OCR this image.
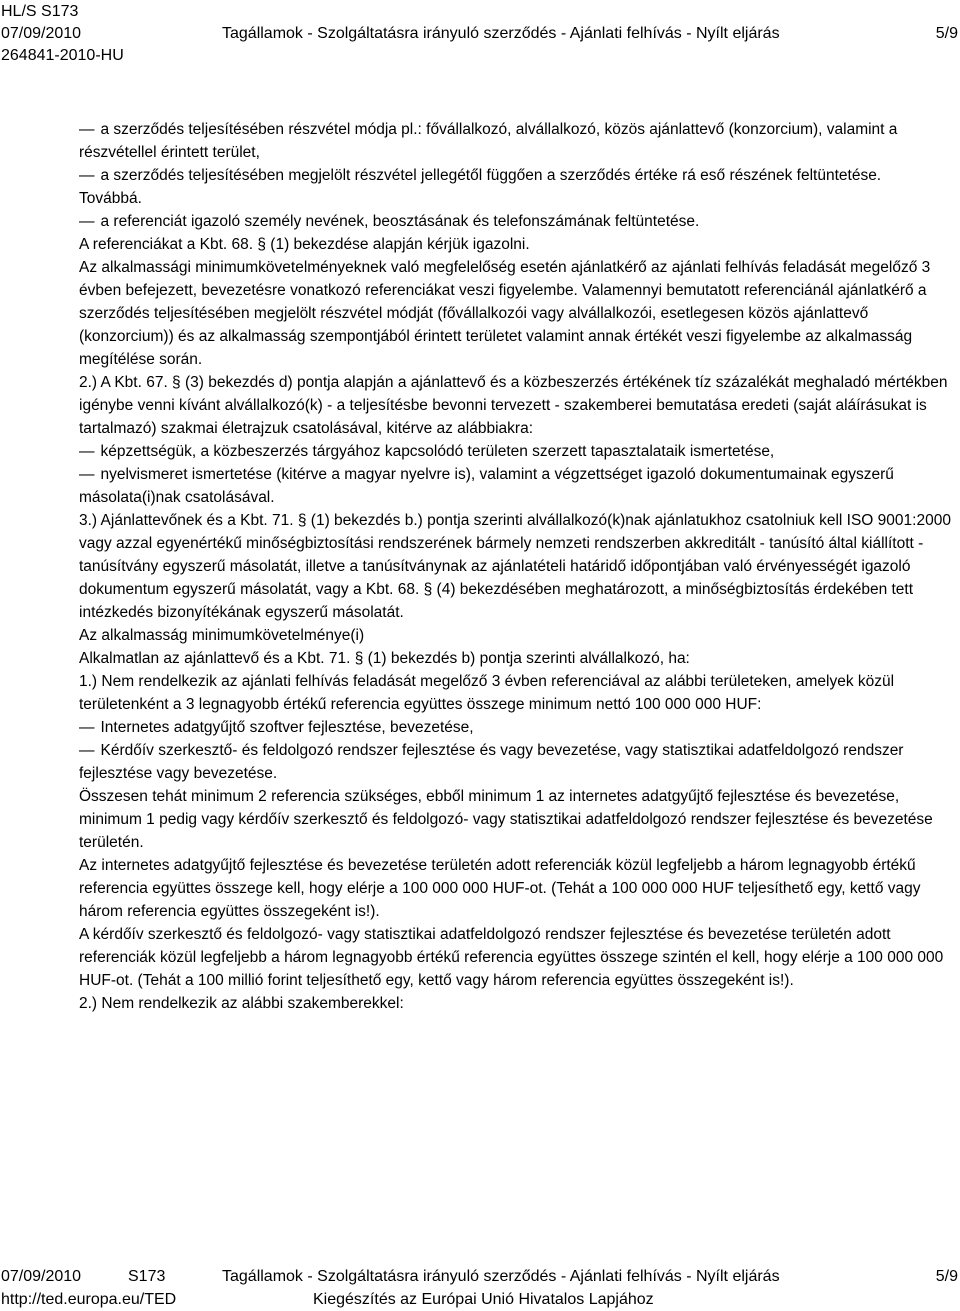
HL/S S173
07/09/2010
264841-2010-HU
Tagállamok - Szolgáltatásra irányuló szerződés - Ajánlati felhívás - Nyílt eljárás	5/9

— a szerződés teljesítésében részvétel módja pl.: fővállalkozó, alvállalkozó, közös ajánlattevő (konzorcium), valamint a részvétellel érintett terület,

— a szerződés teljesítésében megjelölt részvétel jellegétől függően a szerződés értéke rá eső részének feltüntetése.

Továbbá.

— a referenciát igazoló személy nevének, beosztásának és telefonszámának feltüntetése.

A referenciákat a Kbt. 68. § (1) bekezdése alapján kérjük igazolni.

Az alkalmassági minimumkövetelményeknek való megfelelőség esetén ajánlatkérő az ajánlati felhívás feladását megelőző 3 évben befejezett, bevezetésre vonatkozó referenciákat veszi figyelembe. Valamennyi bemutatott referenciánál ajánlatkérő a szerződés teljesítésében megjelölt részvétel módját (fővállalkozói vagy alvállalkozói, esetlegesen közös ajánlattevő (konzorcium)) és az alkalmasság szempontjából érintett területet valamint annak értékét veszi figyelembe az alkalmasság megítélése során.

2.) A Kbt. 67. § (3) bekezdés d) pontja alapján a ajánlattevő és a közbeszerzés értékének tíz százalékát meghaladó mértékben igénybe venni kívánt alvállalkozó(k) - a teljesítésbe bevonni tervezett - szakemberei bemutatása eredeti (saját aláírásukat is tartalmazó) szakmai életrajzuk csatolásával, kitérve az alábbiakra:

— képzettségük, a közbeszerzés tárgyához kapcsolódó területen szerzett tapasztalataik ismertetése,

— nyelvismeret ismertetése (kitérve a magyar nyelvre is), valamint a végzettséget igazoló dokumentumainak egyszerű másolata(i)nak csatolásával.

3.) Ajánlattevőnek és a Kbt. 71. § (1) bekezdés b.) pontja szerinti alvállalkozó(k)nak ajánlatukhoz csatolniuk kell ISO 9001:2000 vagy azzal egyenértékű minőségbiztosítási rendszerének bármely nemzeti rendszerben akkreditált - tanúsító által kiállított - tanúsítvány egyszerű másolatát, illetve a tanúsítványnak az ajánlatételi határidő időpontjában való érvényességét igazoló dokumentum egyszerű másolatát, vagy a Kbt. 68. § (4) bekezdésében meghatározott, a minőségbiztosítás érdekében tett intézkedés bizonyítékának egyszerű másolatát.

Az alkalmasság minimumkövetelménye(i)

Alkalmatlan az ajánlattevő és a Kbt. 71. § (1) bekezdés b) pontja szerinti alvállalkozó, ha:

1.) Nem rendelkezik az ajánlati felhívás feladását megelőző 3 évben referenciával az alábbi területeken, amelyek közül területenként a 3 legnagyobb értékű referencia együttes összege minimum nettó 100 000 000 HUF:

— Internetes adatgyűjtő szoftver fejlesztése, bevezetése,

— Kérdőív szerkesztő- és feldolgozó rendszer fejlesztése és vagy bevezetése, vagy statisztikai adatfeldolgozó rendszer fejlesztése vagy bevezetése.

Összesen tehát minimum 2 referencia szükséges, ebből minimum 1 az internetes adatgyűjtő fejlesztése és bevezetése, minimum 1 pedig vagy kérdőív szerkesztő és feldolgozó- vagy statisztikai adatfeldolgozó rendszer fejlesztése és bevezetése területén.

Az internetes adatgyűjtő fejlesztése és bevezetése területén adott referenciák közül legfeljebb a három legnagyobb értékű referencia együttes összege kell, hogy elérje a 100 000 000 HUF-ot. (Tehát a 100 000 000 HUF teljesíthető egy, kettő vagy három referencia együttes összegeként is!).

A kérdőív szerkesztő és feldolgozó- vagy statisztikai adatfeldolgozó rendszer fejlesztése és bevezetése területén adott referenciák közül legfeljebb a három legnagyobb értékű referencia együttes összege szintén el kell, hogy elérje a 100 000 000 HUF-ot. (Tehát a 100 millió forint teljesíthető egy, kettő vagy három referencia együttes összegeként is!).

2.) Nem rendelkezik az alábbi szakemberekkel:

07/09/2010	S173	Tagállamok - Szolgáltatásra irányuló szerződés - Ajánlati felhívás - Nyílt eljárás	5/9
http://ted.europa.eu/TED	Kiegészítés az Európai Unió Hivatalos Lapjához
